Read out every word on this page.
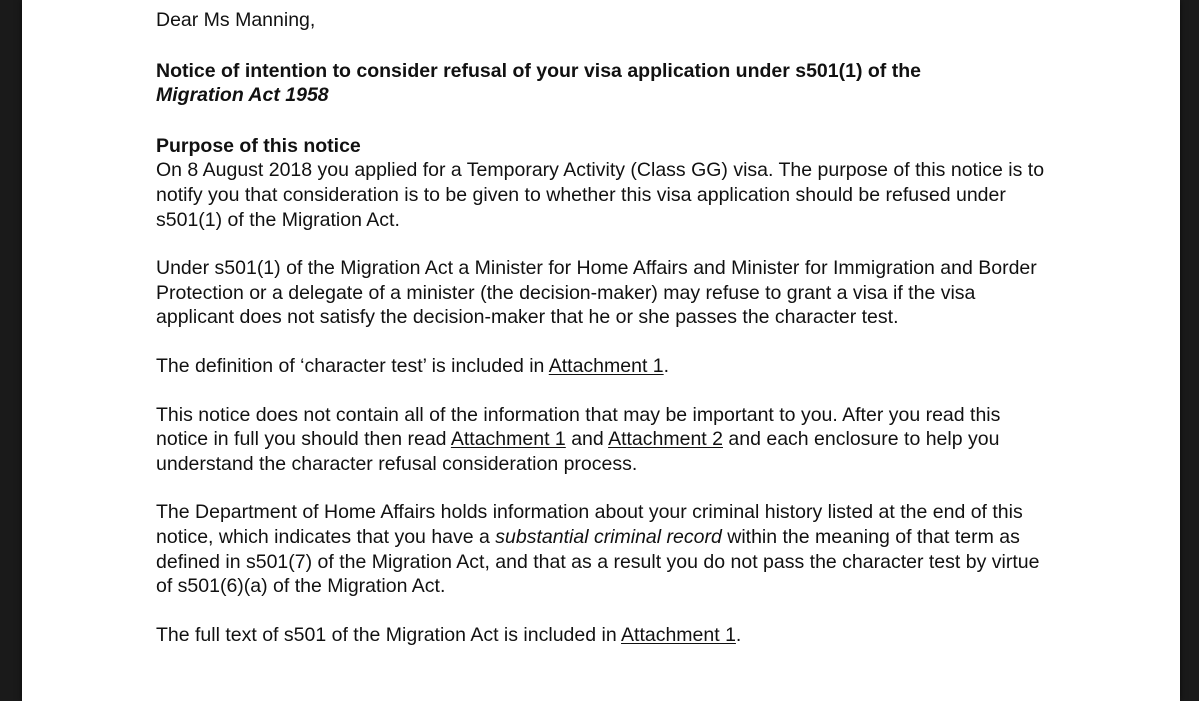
Dear Ms Manning,

Notice of intention to consider refusal of your visa application under s501(1) of the

Migration Act 1958

Purpose of this notice

On 8 August 2018 you applied for a Temporary Activity (Class GG) visa. The purpose of this notice is to notify you that consideration is to be given to whether this visa application should be refused under s501(1) of the Migration Act.

Under s501(1) of the Migration Act a Minister for Home Affairs and Minister for Immigration and Border Protection or a delegate of a minister (the decision-maker) may refuse to grant a visa if the visa applicant does not satisfy the decision-maker that he or she passes the character test.

The definition of ‘character test’ is included in Attachment 1.

This notice does not contain all of the information that may be important to you. After you read this notice in full you should then read Attachment 1 and Attachment 2 and each enclosure to help you understand the character refusal consideration process.

The Department of Home Affairs holds information about your criminal history listed at the end of this notice, which indicates that you have a substantial criminal record within the meaning of that term as defined in s501(7) of the Migration Act, and that as a result you do not pass the character test by virtue of s501(6)(a) of the Migration Act.

The full text of s501 of the Migration Act is included in Attachment 1.
